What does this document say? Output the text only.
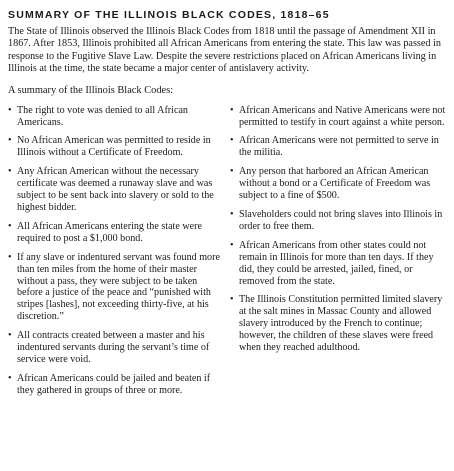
SUMMARY OF THE ILLINOIS BLACK CODES, 1818–65

The State of Illinois observed the Illinois Black Codes from 1818 until the passage of Amendment XII in 1867. After 1853, Illinois prohibited all African Americans from entering the state. This law was passed in response to the Fugitive Slave Law. Despite the severe restrictions placed on African Americans living in Illinois at the time, the state became a major center of antislavery activity.

A summary of the Illinois Black Codes:

• The right to vote was denied to all African Americans.
• No African American was permitted to reside in Illinois without a Certificate of Freedom.
• Any African American without the necessary certificate was deemed a runaway slave and was subject to be sent back into slavery or sold to the highest bidder.
• All African Americans entering the state were required to post a $1,000 bond.
• If any slave or indentured servant was found more than ten miles from the home of their master without a pass, they were subject to be taken before a justice of the peace and “punished with stripes [lashes], not exceeding thirty-five, at his discretion.”
• All contracts created between a master and his indentured servants during the servant’s time of service were void.
• African Americans could be jailed and beaten if they gathered in groups of three or more.
• African Americans and Native Americans were not permitted to testify in court against a white person.
• African Americans were not permitted to serve in the militia.
• Any person that harbored an African American without a bond or a Certificate of Freedom was subject to a fine of $500.
• Slaveholders could not bring slaves into Illinois in order to free them.
• African Americans from other states could not remain in Illinois for more than ten days. If they did, they could be arrested, jailed, fined, or removed from the state.
• The Illinois Constitution permitted limited slavery at the salt mines in Massac County and allowed slavery introduced by the French to continue; however, the children of these slaves were freed when they reached adulthood.
